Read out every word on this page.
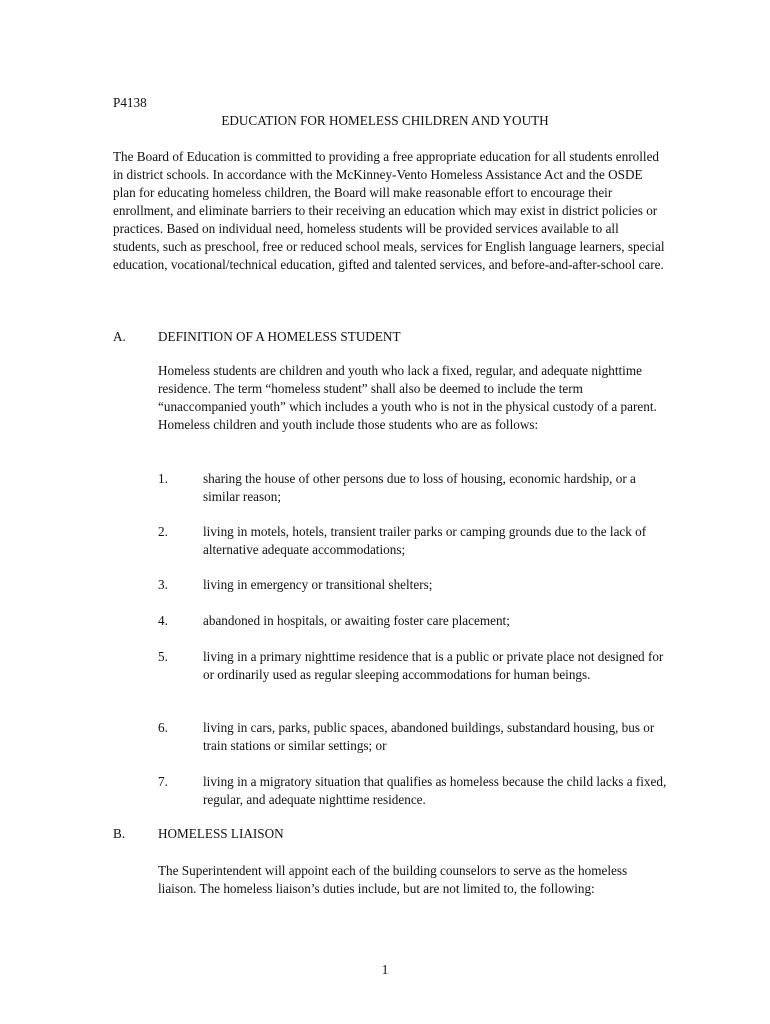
P4138
EDUCATION FOR HOMELESS CHILDREN AND YOUTH

The Board of Education is committed to providing a free appropriate education for all students enrolled in district schools. In accordance with the McKinney-Vento Homeless Assistance Act and the OSDE plan for educating homeless children, the Board will make reasonable effort to encourage their enrollment, and eliminate barriers to their receiving an education which may exist in district policies or practices. Based on individual need, homeless students will be provided services available to all students, such as preschool, free or reduced school meals, services for English language learners, special education, vocational/technical education, gifted and talented services, and before-and-after-school care.

A. DEFINITION OF A HOMELESS STUDENT

Homeless students are children and youth who lack a fixed, regular, and adequate nighttime residence. The term “homeless student” shall also be deemed to include the term “unaccompanied youth” which includes a youth who is not in the physical custody of a parent. Homeless children and youth include those students who are as follows:

1.	sharing the house of other persons due to loss of housing, economic hardship, or a similar reason;

2.	living in motels, hotels, transient trailer parks or camping grounds due to the lack of alternative adequate accommodations;

3.	living in emergency or transitional shelters;

4.	abandoned in hospitals, or awaiting foster care placement;

5.	living in a primary nighttime residence that is a public or private place not designed for or ordinarily used as regular sleeping accommodations for human beings.

6.	living in cars, parks, public spaces, abandoned buildings, substandard housing, bus or train stations or similar settings; or

7.	living in a migratory situation that qualifies as homeless because the child lacks a fixed, regular, and adequate nighttime residence.

B. HOMELESS LIAISON

The Superintendent will appoint each of the building counselors to serve as the homeless liaison. The homeless liaison’s duties include, but are not limited to, the following:

1
